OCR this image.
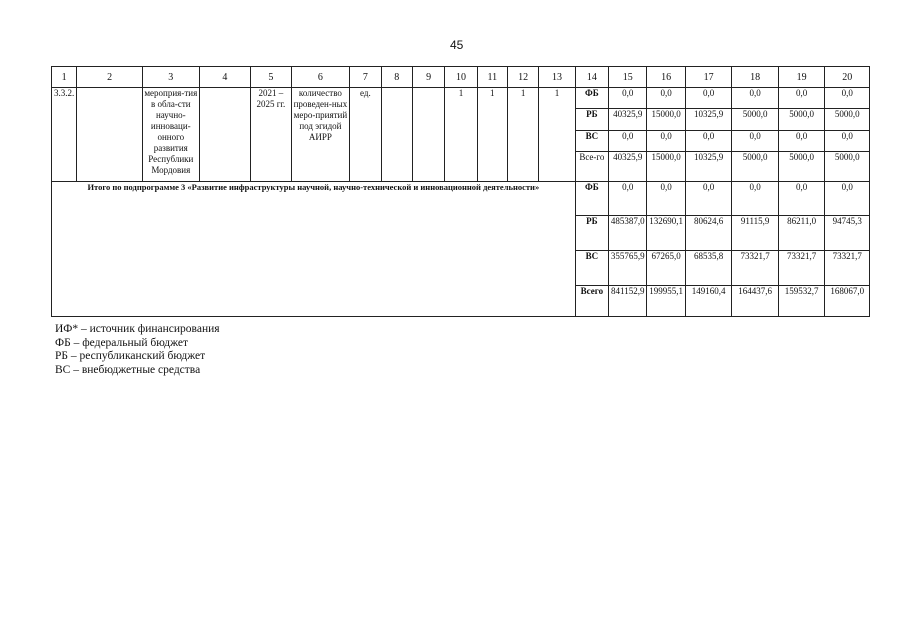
45
1	2	3	4	5	6	7	8	9	10	11	12	13	14	15	16	17	18	19	20
3.3.2.		мероприя-тия в обла-сти научно-инноваци-онного развития Республики Мордовия		2021 – 2025 гг.	количество проведен-ных меро-приятий под эгидой АИРР	ед.			1	1	1	1	ФБ	0,0	0,0	0,0	0,0	0,0	0,0
													РБ	40325,9	15000,0	10325,9	5000,0	5000,0	5000,0
													ВС	0,0	0,0	0,0	0,0	0,0	0,0
													Все-го	40325,9	15000,0	10325,9	5000,0	5000,0	5000,0
Итого по подпрограмме 3 «Развитие инфраструктуры научной, научно-технической и инновационной деятельности»													ФБ	0,0	0,0	0,0	0,0	0,0	0,0
													РБ	485387,0	132690,1	80624,6	91115,9	86211,0	94745,3
													ВС	355765,9	67265,0	68535,8	73321,7	73321,7	73321,7
													Всего	841152,9	199955,1	149160,4	164437,6	159532,7	168067,0
ИФ* – источник финансирования
ФБ – федеральный бюджет
РБ – республиканский бюджет
ВС – внебюджетные средства
